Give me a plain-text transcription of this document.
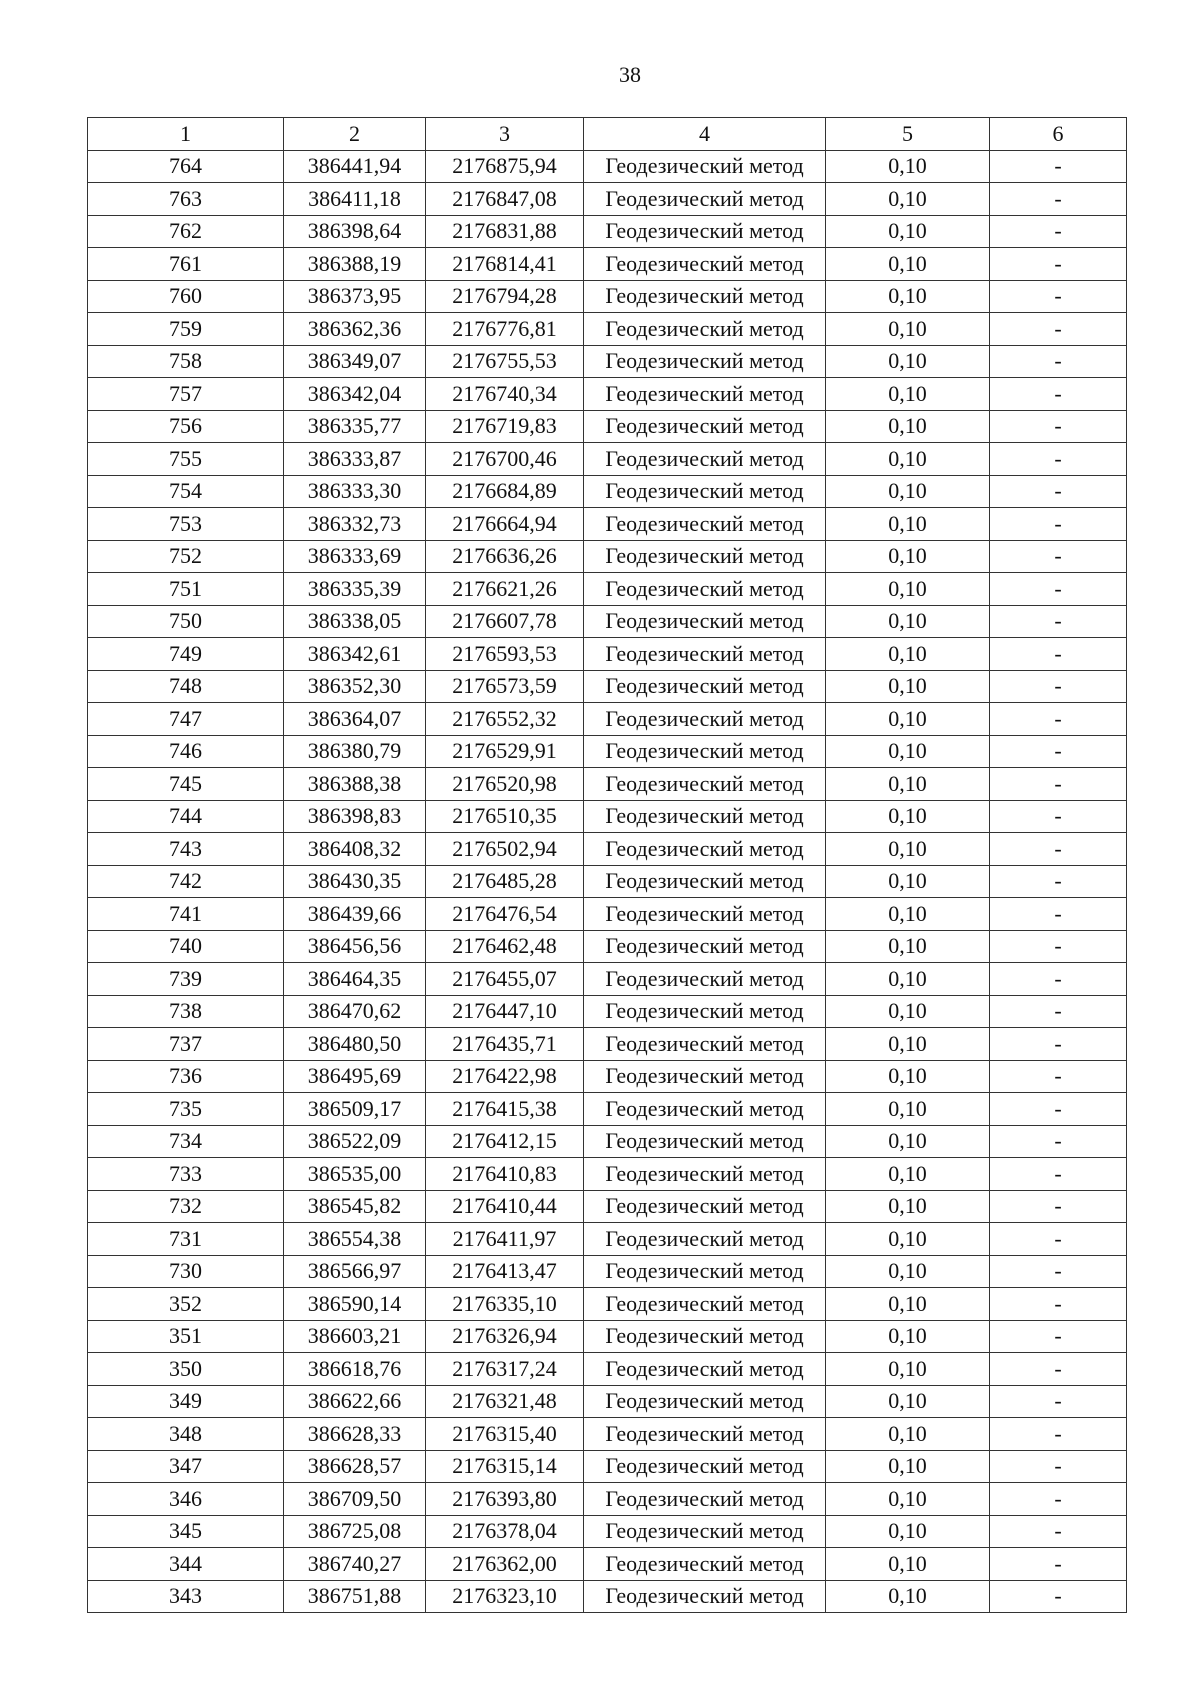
38
1	2	3	4	5	6
764	386441,94	2176875,94	Геодезический метод	0,10	-
763	386411,18	2176847,08	Геодезический метод	0,10	-
762	386398,64	2176831,88	Геодезический метод	0,10	-
761	386388,19	2176814,41	Геодезический метод	0,10	-
760	386373,95	2176794,28	Геодезический метод	0,10	-
759	386362,36	2176776,81	Геодезический метод	0,10	-
758	386349,07	2176755,53	Геодезический метод	0,10	-
757	386342,04	2176740,34	Геодезический метод	0,10	-
756	386335,77	2176719,83	Геодезический метод	0,10	-
755	386333,87	2176700,46	Геодезический метод	0,10	-
754	386333,30	2176684,89	Геодезический метод	0,10	-
753	386332,73	2176664,94	Геодезический метод	0,10	-
752	386333,69	2176636,26	Геодезический метод	0,10	-
751	386335,39	2176621,26	Геодезический метод	0,10	-
750	386338,05	2176607,78	Геодезический метод	0,10	-
749	386342,61	2176593,53	Геодезический метод	0,10	-
748	386352,30	2176573,59	Геодезический метод	0,10	-
747	386364,07	2176552,32	Геодезический метод	0,10	-
746	386380,79	2176529,91	Геодезический метод	0,10	-
745	386388,38	2176520,98	Геодезический метод	0,10	-
744	386398,83	2176510,35	Геодезический метод	0,10	-
743	386408,32	2176502,94	Геодезический метод	0,10	-
742	386430,35	2176485,28	Геодезический метод	0,10	-
741	386439,66	2176476,54	Геодезический метод	0,10	-
740	386456,56	2176462,48	Геодезический метод	0,10	-
739	386464,35	2176455,07	Геодезический метод	0,10	-
738	386470,62	2176447,10	Геодезический метод	0,10	-
737	386480,50	2176435,71	Геодезический метод	0,10	-
736	386495,69	2176422,98	Геодезический метод	0,10	-
735	386509,17	2176415,38	Геодезический метод	0,10	-
734	386522,09	2176412,15	Геодезический метод	0,10	-
733	386535,00	2176410,83	Геодезический метод	0,10	-
732	386545,82	2176410,44	Геодезический метод	0,10	-
731	386554,38	2176411,97	Геодезический метод	0,10	-
730	386566,97	2176413,47	Геодезический метод	0,10	-
352	386590,14	2176335,10	Геодезический метод	0,10	-
351	386603,21	2176326,94	Геодезический метод	0,10	-
350	386618,76	2176317,24	Геодезический метод	0,10	-
349	386622,66	2176321,48	Геодезический метод	0,10	-
348	386628,33	2176315,40	Геодезический метод	0,10	-
347	386628,57	2176315,14	Геодезический метод	0,10	-
346	386709,50	2176393,80	Геодезический метод	0,10	-
345	386725,08	2176378,04	Геодезический метод	0,10	-
344	386740,27	2176362,00	Геодезический метод	0,10	-
343	386751,88	2176323,10	Геодезический метод	0,10	-
